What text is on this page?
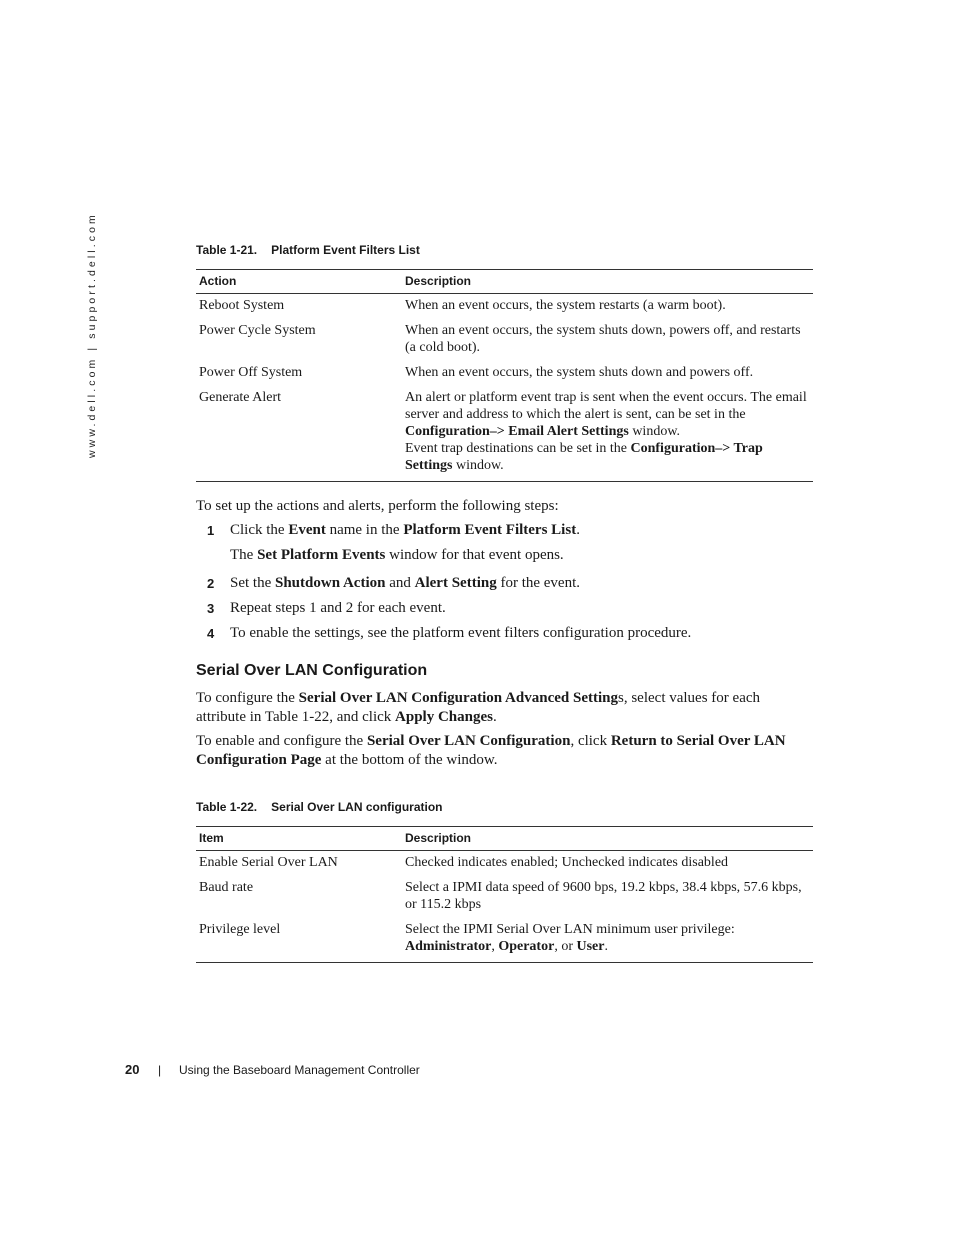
www.dell.com | support.dell.com	Table 1-21. Platform Event Filters List
Action	Description
Reboot System	When an event occurs, the system restarts (a warm boot).
Power Cycle System	When an event occurs, the system shuts down, powers off, and restarts (a cold boot).
Power Off System	When an event occurs, the system shuts down and powers off.
Generate Alert	An alert or platform event trap is sent when the event occurs. The email server and address to which the alert is sent, can be set in the Configuration–> Email Alert Settings window.
Event trap destinations can be set in the Configuration–> Trap Settings window.
To set up the actions and alerts, perform the following steps:
1 Click the Event name in the Platform Event Filters List.
The Set Platform Events window for that event opens.
2 Set the Shutdown Action and Alert Setting for the event.
3 Repeat steps 1 and 2 for each event.
4 To enable the settings, see the platform event filters configuration procedure.
Serial Over LAN Configuration
To configure the Serial Over LAN Configuration Advanced Settings, select values for each attribute in Table 1-22, and click Apply Changes.
To enable and configure the Serial Over LAN Configuration, click Return to Serial Over LAN Configuration Page at the bottom of the window.
Table 1-22. Serial Over LAN configuration
Item	Description
Enable Serial Over LAN	Checked indicates enabled; Unchecked indicates disabled
Baud rate	Select a IPMI data speed of 9600 bps, 19.2 kbps, 38.4 kbps, 57.6 kbps, or 115.2 kbps
Privilege level	Select the IPMI Serial Over LAN minimum user privilege:
Administrator, Operator, or User.
20 | Using the Baseboard Management Controller
